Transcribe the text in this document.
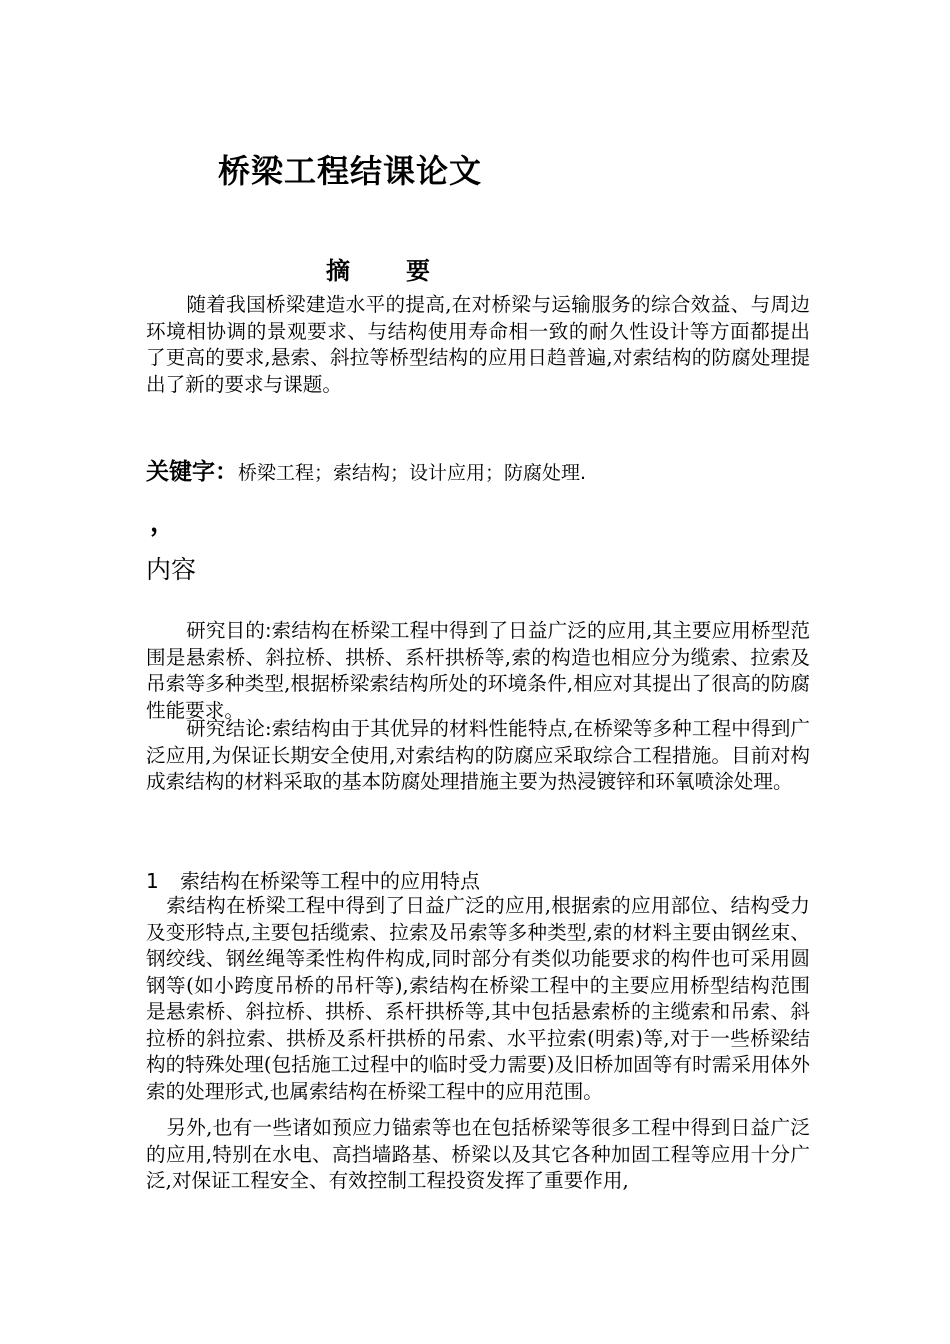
桥梁工程结课论文
摘要

随着我国桥梁建造水平的提高,在对桥梁与运输服务的综合效益、与周边环境相协调的景观要求、与结构使用寿命相一致的耐久性设计等方面都提出了更高的要求,悬索、斜拉等桥型结构的应用日趋普遍,对索结构的防腐处理提出了新的要求与课题。

关键字：桥梁工程；索结构；设计应用；防腐处理.
，
内容

研究目的:索结构在桥梁工程中得到了日益广泛的应用,其主要应用桥型范围是悬索桥、斜拉桥、拱桥、系杆拱桥等,索的构造也相应分为缆索、拉索及吊索等多种类型,根据桥梁索结构所处的环境条件,相应对其提出了很高的防腐性能要求。

研究结论:索结构由于其优异的材料性能特点,在桥梁等多种工程中得到广泛应用,为保证长期安全使用,对索结构的防腐应采取综合工程措施。目前对构成索结构的材料采取的基本防腐处理措施主要为热浸镀锌和环氧喷涂处理。

1 索结构在桥梁等工程中的应用特点

索结构在桥梁工程中得到了日益广泛的应用,根据索的应用部位、结构受力及变形特点,主要包括缆索、拉索及吊索等多种类型,索的材料主要由钢丝束、钢绞线、钢丝绳等柔性构件构成,同时部分有类似功能要求的构件也可采用圆钢等(如小跨度吊桥的吊杆等),索结构在桥梁工程中的主要应用桥型结构范围是悬索桥、斜拉桥、拱桥、系杆拱桥等,其中包括悬索桥的主缆索和吊索、斜拉桥的斜拉索、拱桥及系杆拱桥的吊索、水平拉索(明索)等,对于一些桥梁结构的特殊处理(包括施工过程中的临时受力需要)及旧桥加固等有时需采用体外索的处理形式,也属索结构在桥梁工程中的应用范围。

另外,也有一些诸如预应力锚索等也在包括桥梁等很多工程中得到日益广泛的应用,特别在水电、高挡墙路基、桥梁以及其它各种加固工程等应用十分广泛,对保证工程安全、有效控制工程投资发挥了重要作用,
